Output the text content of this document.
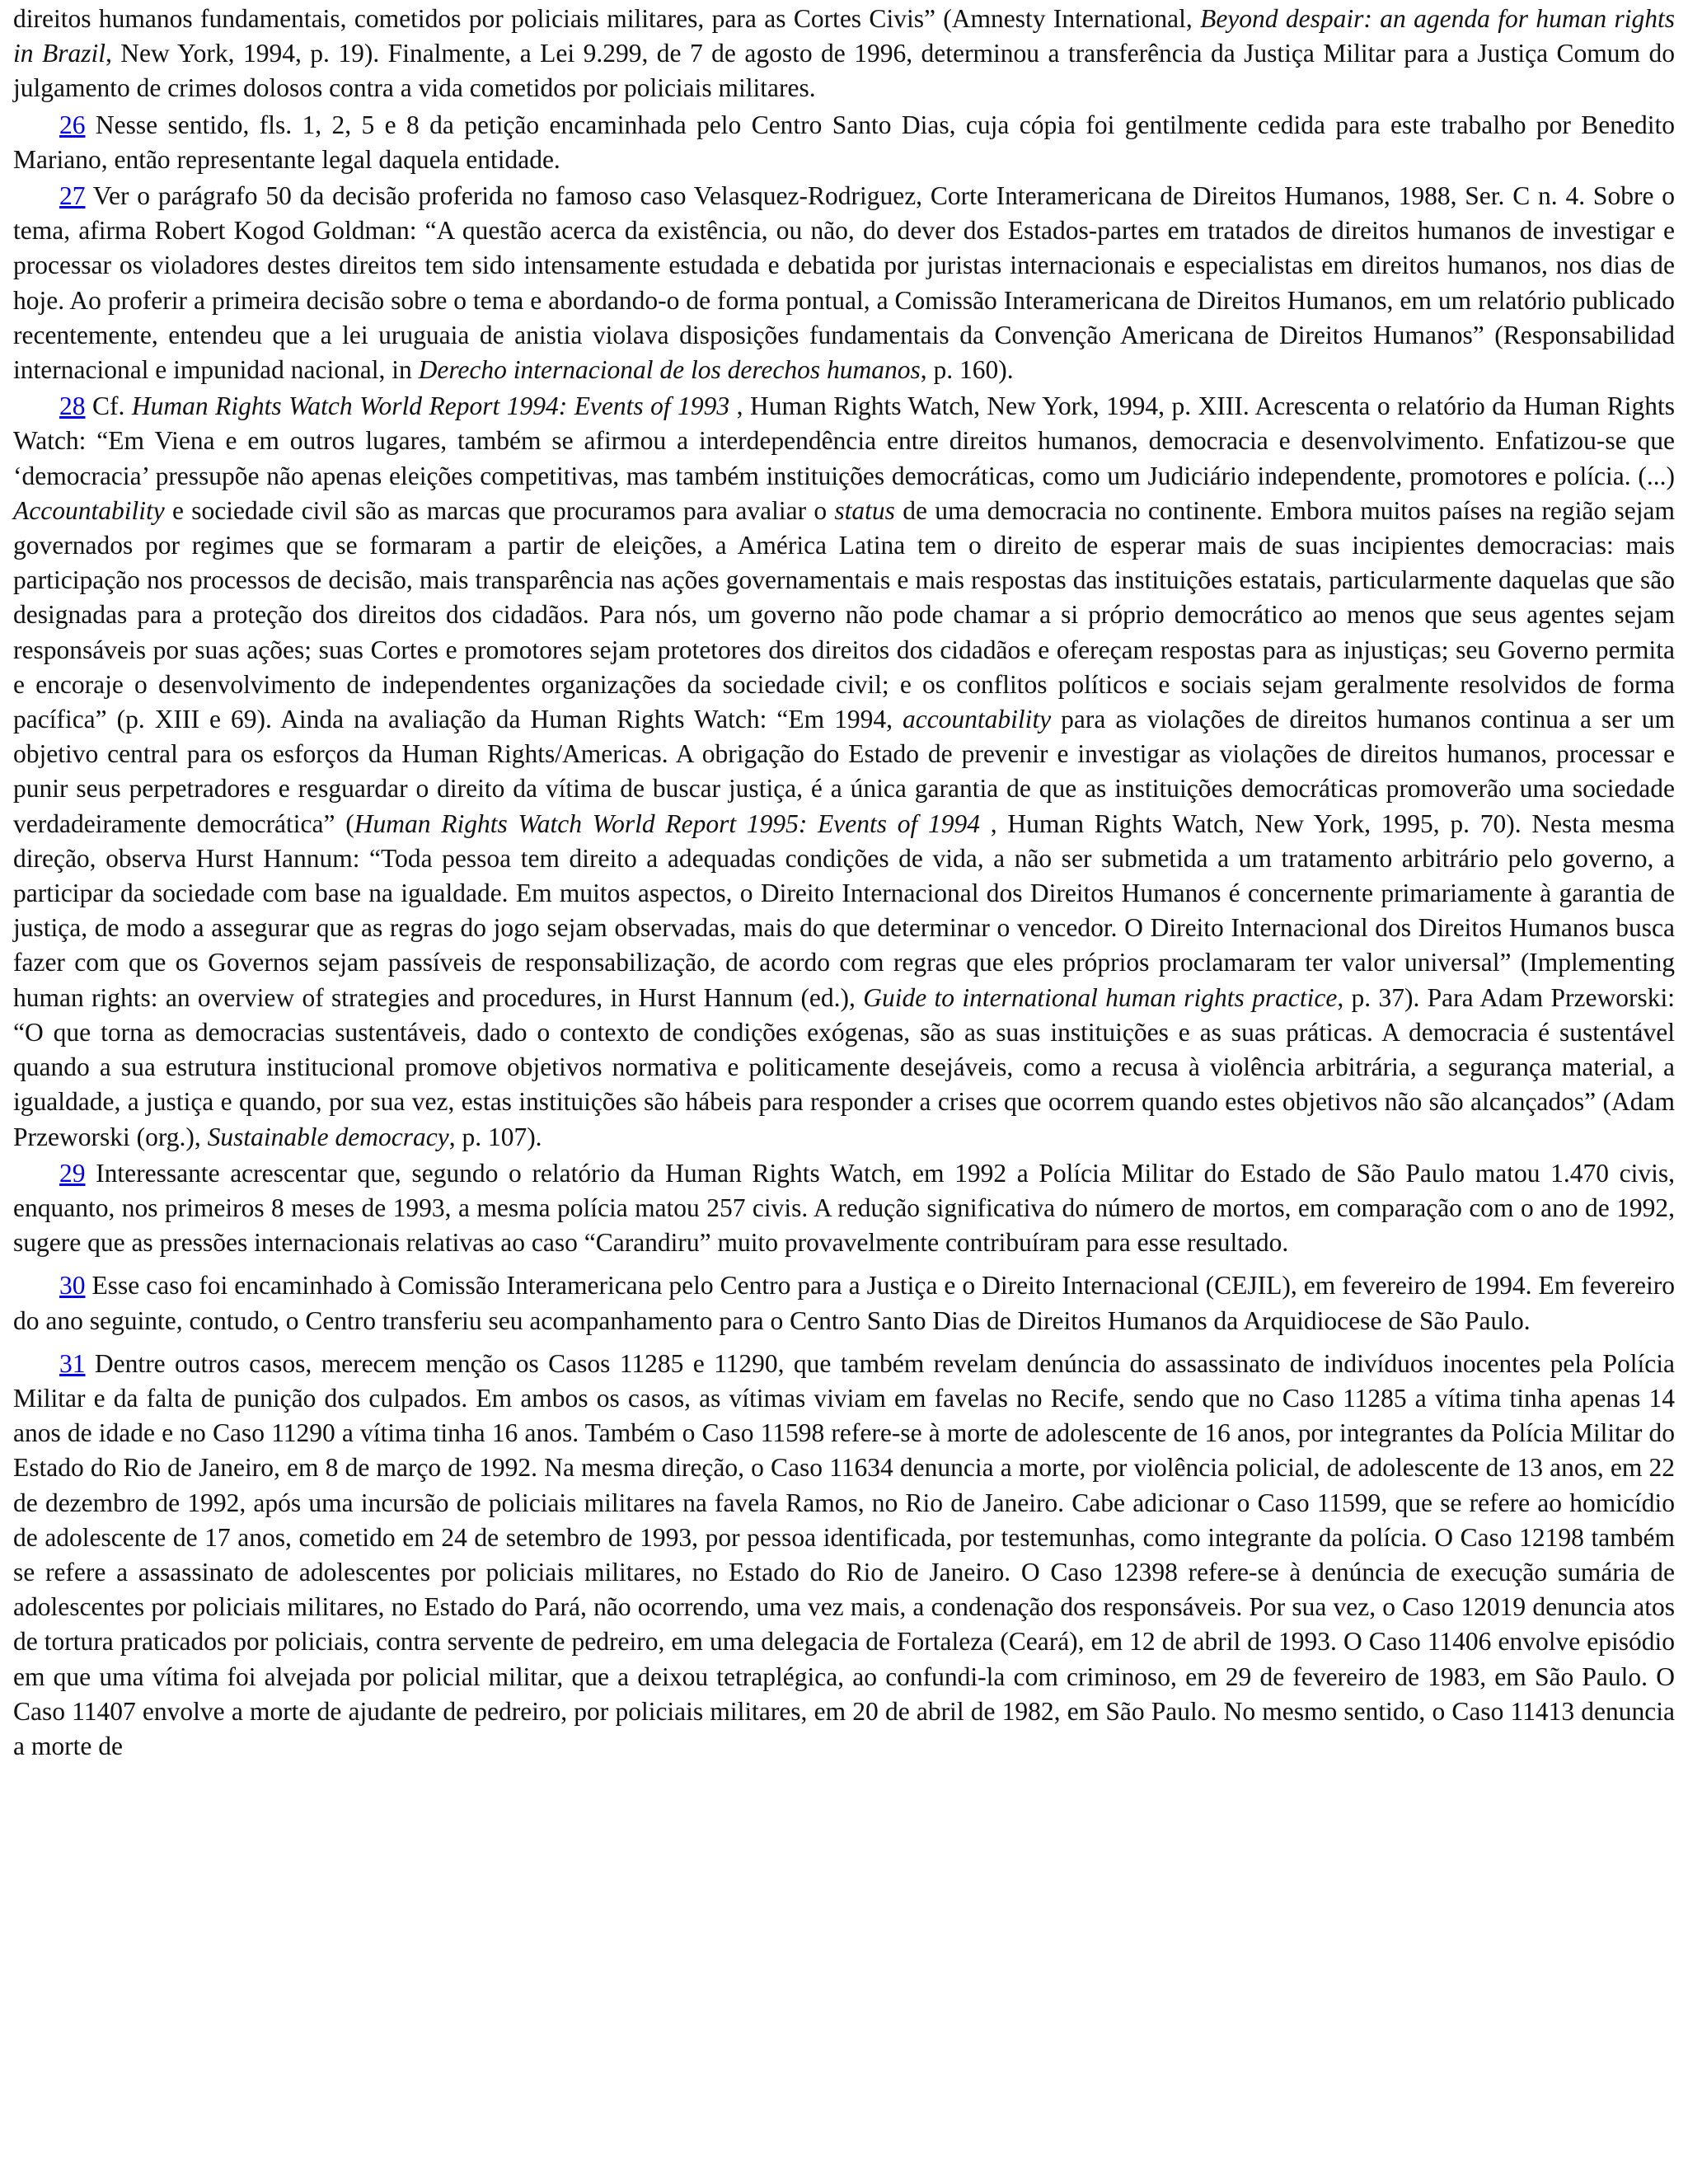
direitos humanos fundamentais, cometidos por policiais militares, para as Cortes Civis” (Amnesty International, Beyond despair: an agenda for human rights in Brazil, New York, 1994, p. 19). Finalmente, a Lei 9.299, de 7 de agosto de 1996, determinou a transferência da Justiça Militar para a Justiça Comum do julgamento de crimes dolosos contra a vida cometidos por policiais militares.

26 Nesse sentido, fls. 1, 2, 5 e 8 da petição encaminhada pelo Centro Santo Dias, cuja cópia foi gentilmente cedida para este trabalho por Benedito Mariano, então representante legal daquela entidade.

27 Ver o parágrafo 50 da decisão proferida no famoso caso Velasquez-Rodriguez, Corte Interamericana de Direitos Humanos, 1988, Ser. C n. 4. Sobre o tema, afirma Robert Kogod Goldman: “A questão acerca da existência, ou não, do dever dos Estados-partes em tratados de direitos humanos de investigar e processar os violadores destes direitos tem sido intensamente estudada e debatida por juristas internacionais e especialistas em direitos humanos, nos dias de hoje. Ao proferir a primeira decisão sobre o tema e abordando-o de forma pontual, a Comissão Interamericana de Direitos Humanos, em um relatório publicado recentemente, entendeu que a lei uruguaia de anistia violava disposições fundamentais da Convenção Americana de Direitos Humanos” (Responsabilidad internacional e impunidad nacional, in Derecho internacional de los derechos humanos, p. 160).

28 Cf. Human Rights Watch World Report 1994: Events of 1993 , Human Rights Watch, New York, 1994, p. XIII. Acrescenta o relatório da Human Rights Watch: “Em Viena e em outros lugares, também se afirmou a interdependência entre direitos humanos, democracia e desenvolvimento. Enfatizou-se que ‘democracia’ pressupõe não apenas eleições competitivas, mas também instituições democráticas, como um Judiciário independente, promotores e polícia. (...) Accountability e sociedade civil são as marcas que procuramos para avaliar o status de uma democracia no continente. Embora muitos países na região sejam governados por regimes que se formaram a partir de eleições, a América Latina tem o direito de esperar mais de suas incipientes democracias: mais participação nos processos de decisão, mais transparência nas ações governamentais e mais respostas das instituições estatais, particularmente daquelas que são designadas para a proteção dos direitos dos cidadãos. Para nós, um governo não pode chamar a si próprio democrático ao menos que seus agentes sejam responsáveis por suas ações; suas Cortes e promotores sejam protetores dos direitos dos cidadãos e ofereçam respostas para as injustiças; seu Governo permita e encoraje o desenvolvimento de independentes organizações da sociedade civil; e os conflitos políticos e sociais sejam geralmente resolvidos de forma pacífica” (p. XIII e 69). Ainda na avaliação da Human Rights Watch: “Em 1994, accountability para as violações de direitos humanos continua a ser um objetivo central para os esforços da Human Rights/Americas. A obrigação do Estado de prevenir e investigar as violações de direitos humanos, processar e punir seus perpetradores e resguardar o direito da vítima de buscar justiça, é a única garantia de que as instituições democráticas promoverão uma sociedade verdadeiramente democrática” (Human Rights Watch World Report 1995: Events of 1994 , Human Rights Watch, New York, 1995, p. 70). Nesta mesma direção, observa Hurst Hannum: “Toda pessoa tem direito a adequadas condições de vida, a não ser submetida a um tratamento arbitrário pelo governo, a participar da sociedade com base na igualdade. Em muitos aspectos, o Direito Internacional dos Direitos Humanos é concernente primariamente à garantia de justiça, de modo a assegurar que as regras do jogo sejam observadas, mais do que determinar o vencedor. O Direito Internacional dos Direitos Humanos busca fazer com que os Governos sejam passíveis de responsabilização, de acordo com regras que eles próprios proclamaram ter valor universal” (Implementing human rights: an overview of strategies and procedures, in Hurst Hannum (ed.), Guide to international human rights practice, p. 37). Para Adam Przeworski: “O que torna as democracias sustentáveis, dado o contexto de condições exógenas, são as suas instituições e as suas práticas. A democracia é sustentável quando a sua estrutura institucional promove objetivos normativa e politicamente desejáveis, como a recusa à violência arbitrária, a segurança material, a igualdade, a justiça e quando, por sua vez, estas instituições são hábeis para responder a crises que ocorrem quando estes objetivos não são alcançados” (Adam Przeworski (org.), Sustainable democracy, p. 107).

29 Interessante acrescentar que, segundo o relatório da Human Rights Watch, em 1992 a Polícia Militar do Estado de São Paulo matou 1.470 civis, enquanto, nos primeiros 8 meses de 1993, a mesma polícia matou 257 civis. A redução significativa do número de mortos, em comparação com o ano de 1992, sugere que as pressões internacionais relativas ao caso “Carandiru” muito provavelmente contribuíram para esse resultado.

30 Esse caso foi encaminhado à Comissão Interamericana pelo Centro para a Justiça e o Direito Internacional (CEJIL), em fevereiro de 1994. Em fevereiro do ano seguinte, contudo, o Centro transferiu seu acompanhamento para o Centro Santo Dias de Direitos Humanos da Arquidiocese de São Paulo.

31 Dentre outros casos, merecem menção os Casos 11285 e 11290, que também revelam denúncia do assassinato de indivíduos inocentes pela Polícia Militar e da falta de punição dos culpados. Em ambos os casos, as vítimas viviam em favelas no Recife, sendo que no Caso 11285 a vítima tinha apenas 14 anos de idade e no Caso 11290 a vítima tinha 16 anos. Também o Caso 11598 refere-se à morte de adolescente de 16 anos, por integrantes da Polícia Militar do Estado do Rio de Janeiro, em 8 de março de 1992. Na mesma direção, o Caso 11634 denuncia a morte, por violência policial, de adolescente de 13 anos, em 22 de dezembro de 1992, após uma incursão de policiais militares na favela Ramos, no Rio de Janeiro. Cabe adicionar o Caso 11599, que se refere ao homicídio de adolescente de 17 anos, cometido em 24 de setembro de 1993, por pessoa identificada, por testemunhas, como integrante da polícia. O Caso 12198 também se refere a assassinato de adolescentes por policiais militares, no Estado do Rio de Janeiro. O Caso 12398 refere-se à denúncia de execução sumária de adolescentes por policiais militares, no Estado do Pará, não ocorrendo, uma vez mais, a condenação dos responsáveis. Por sua vez, o Caso 12019 denuncia atos de tortura praticados por policiais, contra servente de pedreiro, em uma delegacia de Fortaleza (Ceará), em 12 de abril de 1993. O Caso 11406 envolve episódio em que uma vítima foi alvejada por policial militar, que a deixou tetraplégica, ao confundi-la com criminoso, em 29 de fevereiro de 1983, em São Paulo. O Caso 11407 envolve a morte de ajudante de pedreiro, por policiais militares, em 20 de abril de 1982, em São Paulo. No mesmo sentido, o Caso 11413 denuncia a morte de
